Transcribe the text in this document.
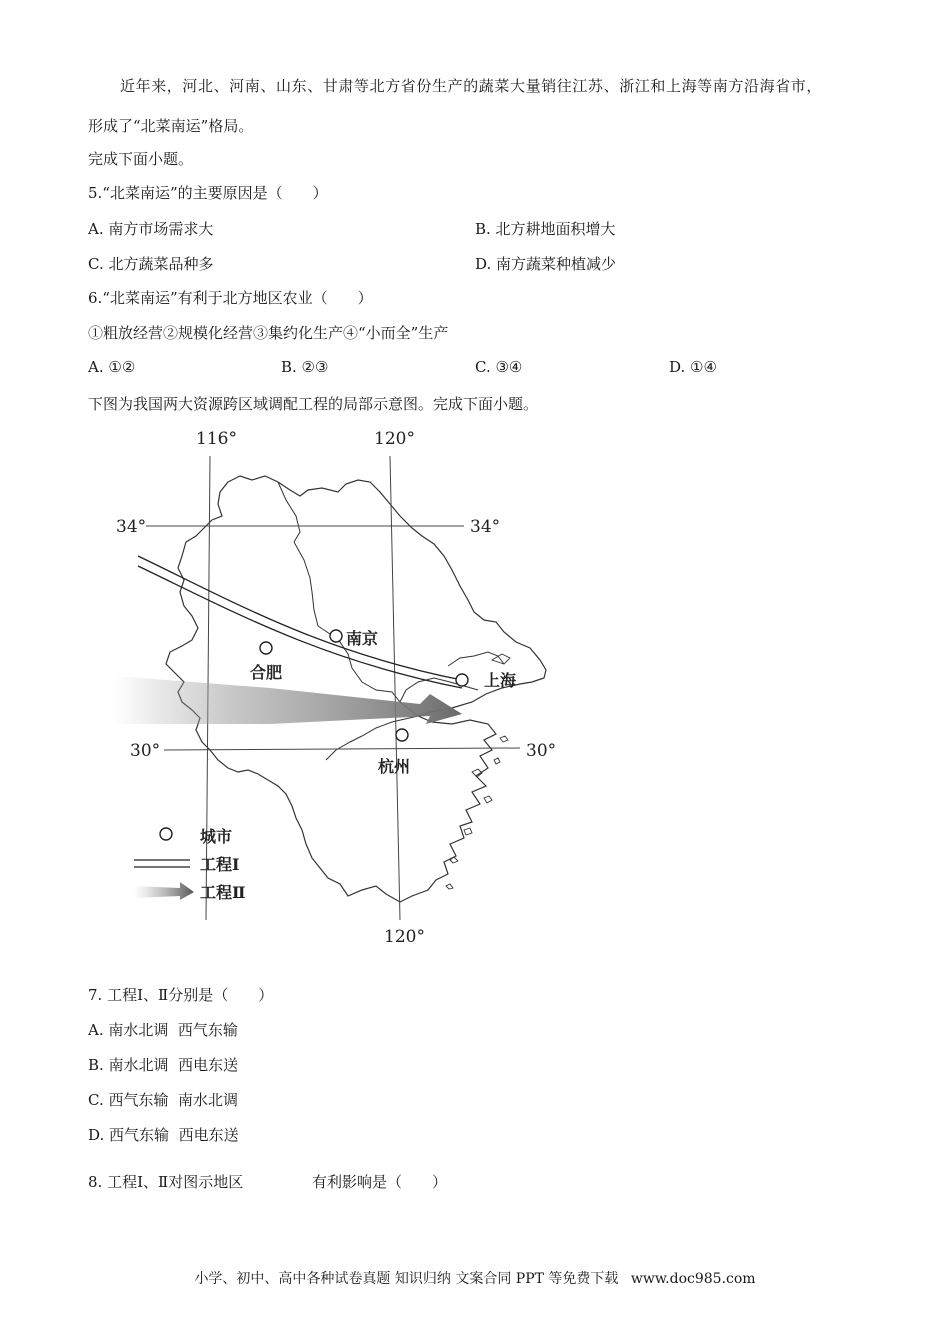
近年来，河北、河南、山东、甘肃等北方省份生产的蔬菜大量销往江苏、浙江和上海等南方沿海省市，
形成了“北菜南运”格局。
完成下面小题。
5.“北菜南运”的主要原因是（　　）
A. 南方市场需求大	B. 北方耕地面积增大
C. 北方蔬菜品种多	D. 南方蔬菜种植减少
6.“北菜南运”有利于北方地区农业（　　）
①粗放经营②规模化经营③集约化生产④“小而全”生产
A. ①②	B. ②③	C. ③④	D. ①④
下图为我国两大资源跨区域调配工程的局部示意图。完成下面小题。
116°	120°
120°
34°	34°
30°	30°
南京
合肥	上海
杭州
城市
工程Ⅰ
工程Ⅱ
7. 工程Ⅰ、Ⅱ分别是（　　）
A. 南水北调  西气东输
B. 南水北调  西电东送
C. 西气东输  南水北调
D. 西气东输  西电东送
8. 工程Ⅰ、Ⅱ对图示地区	有利影响是（　　）
小学、初中、高中各种试卷真题 知识归纳 文案合同 PPT 等免费下载 www.doc985.com
